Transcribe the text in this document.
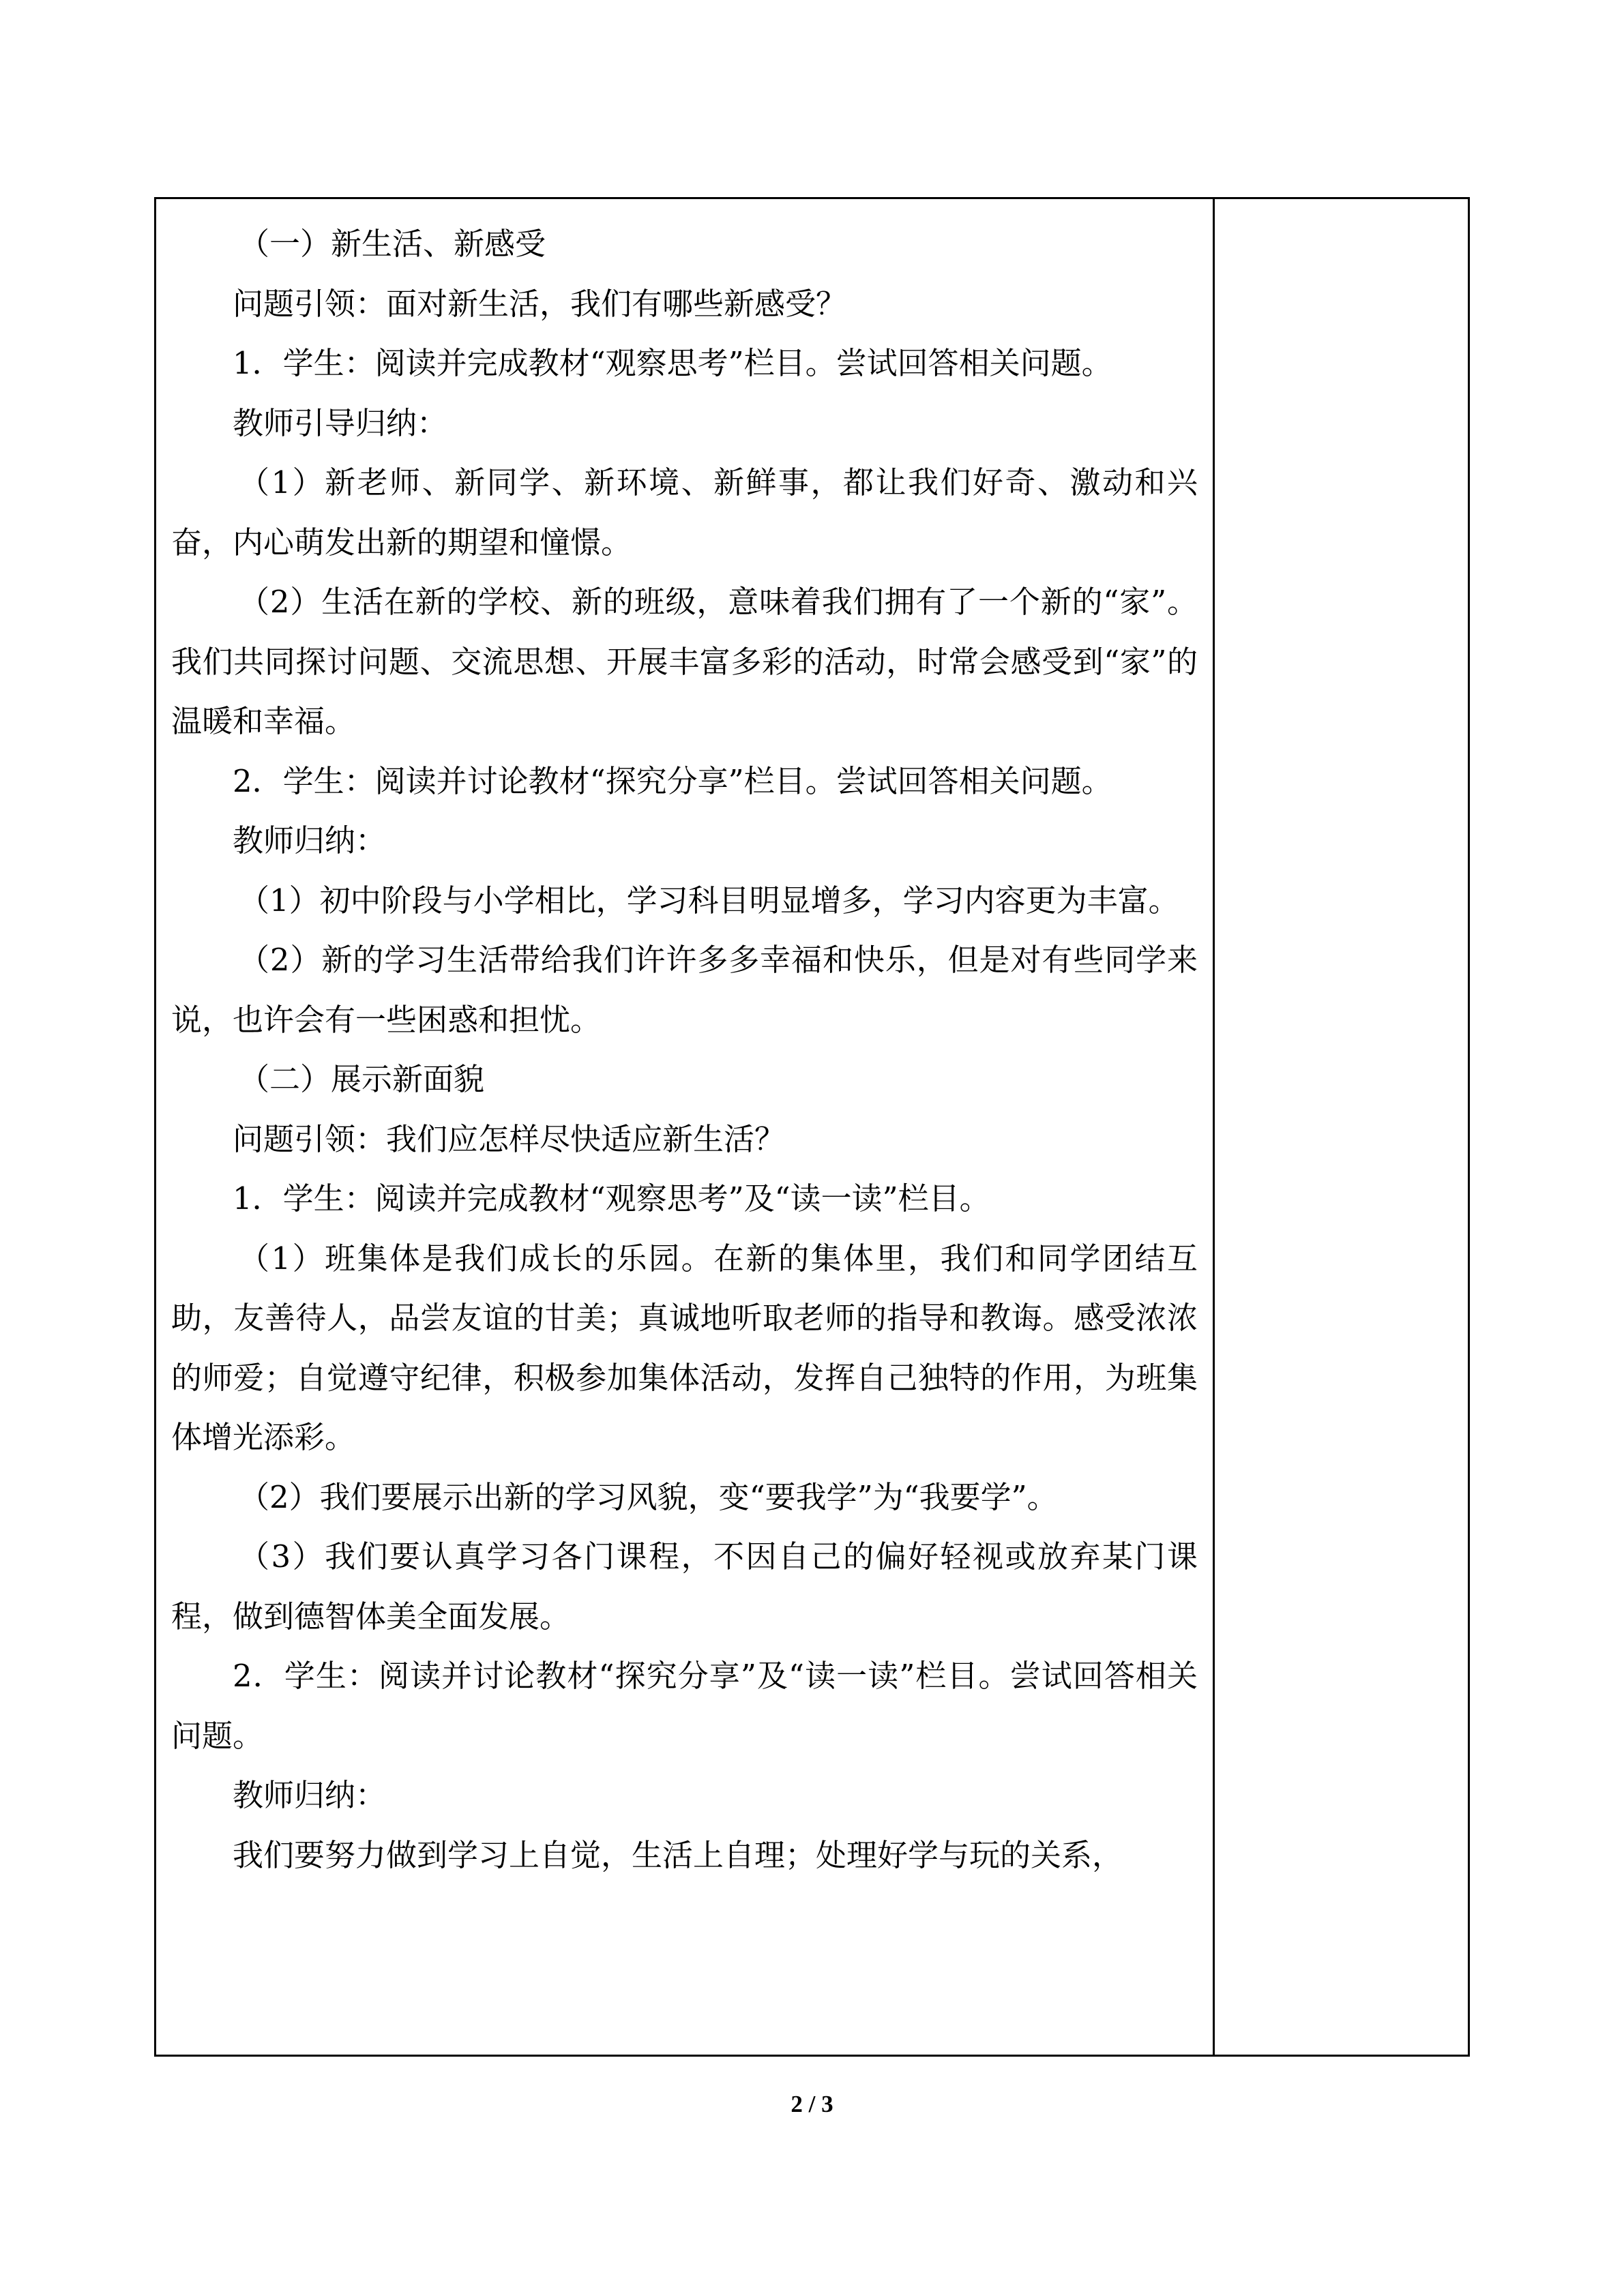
（一）新生活、新感受

问题引领：面对新生活，我们有哪些新感受？

1．学生：阅读并完成教材“观察思考”栏目。尝试回答相关问题。

教师引导归纳：

（1）新老师、新同学、新环境、新鲜事，都让我们好奇、激动和兴奋，内心萌发出新的期望和憧憬。

（2）生活在新的学校、新的班级，意味着我们拥有了一个新的“家”。我们共同探讨问题、交流思想、开展丰富多彩的活动，时常会感受到“家”的温暖和幸福。

2．学生：阅读并讨论教材“探究分享”栏目。尝试回答相关问题。

教师归纳：

（1）初中阶段与小学相比，学习科目明显增多，学习内容更为丰富。

（2）新的学习生活带给我们许许多多幸福和快乐，但是对有些同学来说，也许会有一些困惑和担忧。

（二）展示新面貌

问题引领：我们应怎样尽快适应新生活？

1．学生：阅读并完成教材“观察思考”及“读一读”栏目。

（1）班集体是我们成长的乐园。在新的集体里，我们和同学团结互助，友善待人，品尝友谊的甘美；真诚地听取老师的指导和教诲。感受浓浓的师爱；自觉遵守纪律，积极参加集体活动，发挥自己独特的作用，为班集体增光添彩。

（2）我们要展示出新的学习风貌，变“要我学”为“我要学”。

（3）我们要认真学习各门课程，不因自己的偏好轻视或放弃某门课程，做到德智体美全面发展。

2．学生：阅读并讨论教材“探究分享”及“读一读”栏目。尝试回答相关问题。

教师归纳：

我们要努力做到学习上自觉，生活上自理；处理好学与玩的关系，

2 / 3
